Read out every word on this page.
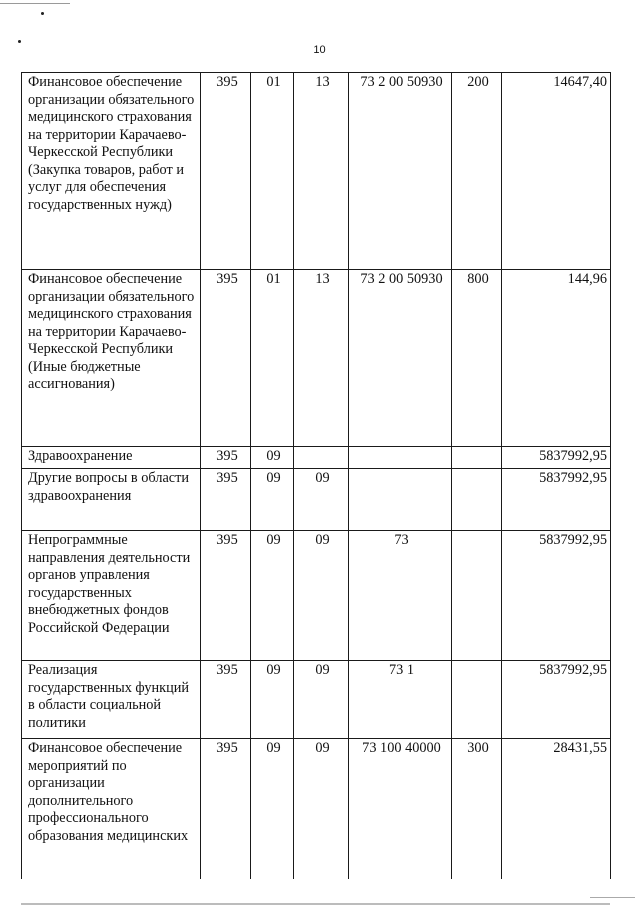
10
Финансовое обеспечение организации обязательного медицинского страхования на территории Карачаево-Черкесской Республики (Закупка товаров, работ и услуг для обеспечения государственных нужд)	395	01	13	73 2 00 50930	200	14647,40
Финансовое обеспечение организации обязательного медицинского страхования на территории Карачаево-Черкесской Республики (Иные бюджетные ассигнования)	395	01	13	73 2 00 50930	800	144,96
Здравоохранение	395	09				5837992,95
Другие вопросы в области здравоохранения	395	09	09			5837992,95
Непрограммные направления деятельности органов управления государственных внебюджетных фондов Российской Федерации	395	09	09	73		5837992,95
Реализация государственных функций в области социальной политики	395	09	09	73 1		5837992,95
Финансовое обеспечение мероприятий по организации дополнительного профессионального образования медицинских	395	09	09	73 100 40000	300	28431,55
